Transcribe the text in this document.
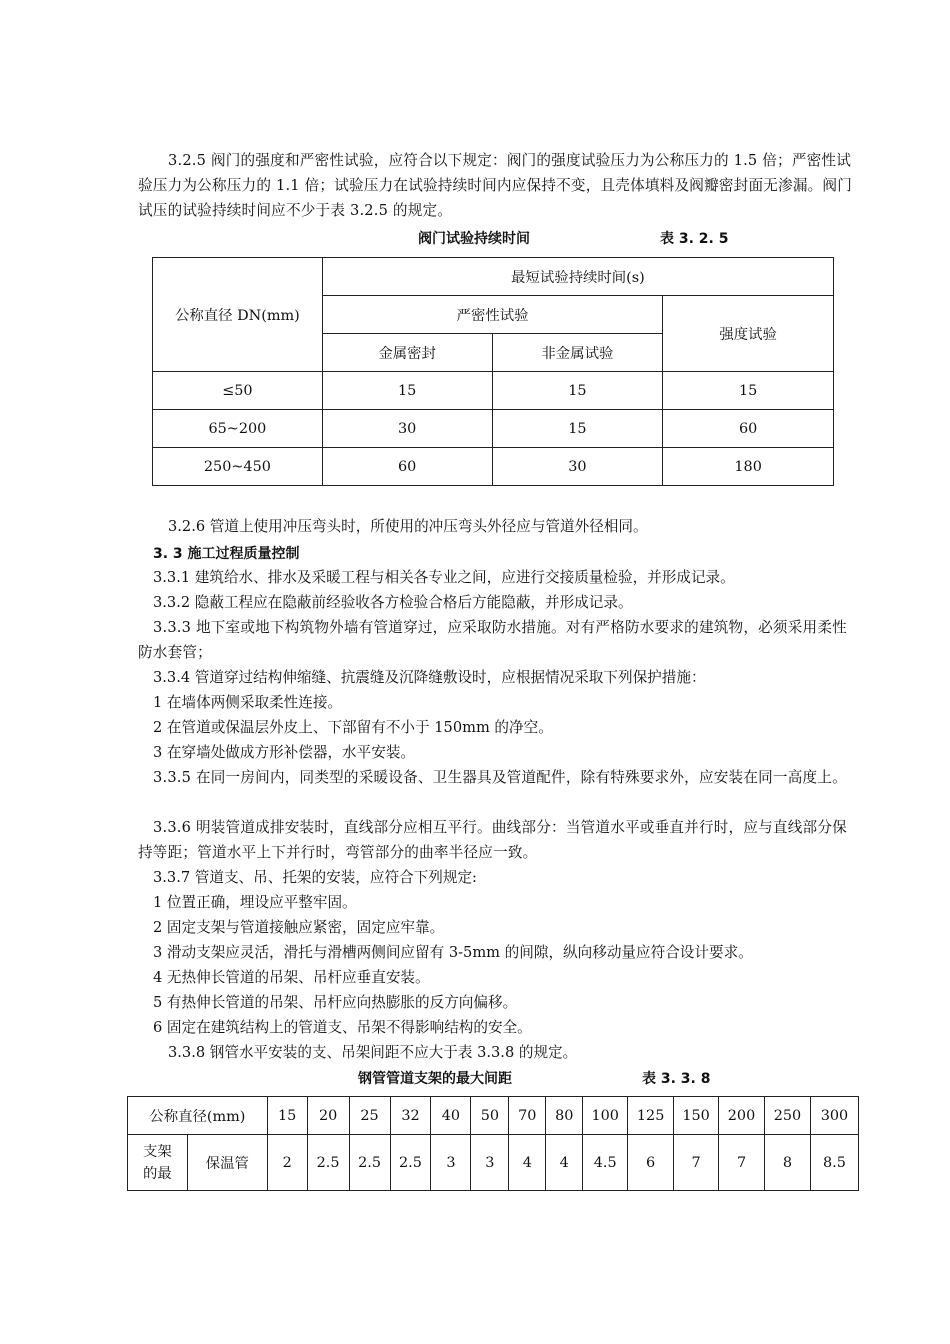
3.2.5 阀门的强度和严密性试验，应符合以下规定：阀门的强度试验压力为公称压力的 1.5 倍；严密性试验压力为公称压力的 1.1 倍；试验压力在试验持续时间内应保持不变，且壳体填料及阀瓣密封面无渗漏。阀门试压的试验持续时间应不少于表 3.2.5 的规定。

阀门试验持续时间	表 3. 2. 5
公称直径 DN(mm)	最短试验持续时间(s)		
	严密性试验		强度试验
	金属密封	非金属试验	
≤50	15	15	15
65~200	30	15	60
250~450	60	30	180

3.2.6 管道上使用冲压弯头时，所使用的冲压弯头外径应与管道外径相同。

3. 3 施工过程质量控制

3.3.1 建筑给水、排水及采暖工程与相关各专业之间，应进行交接质量检验，并形成记录。

3.3.2 隐蔽工程应在隐蔽前经验收各方检验合格后方能隐蔽，并形成记录。

3.3.3 地下室或地下构筑物外墙有管道穿过，应采取防水措施。对有严格防水要求的建筑物，必须采用柔性防水套管；

3.3.4 管道穿过结构伸缩缝、抗震缝及沉降缝敷设时，应根据情况采取下列保护措施：

1 在墙体两侧采取柔性连接。

2 在管道或保温层外皮上、下部留有不小于 150mm 的净空。

3 在穿墙处做成方形补偿器，水平安装。

3.3.5 在同一房间内，同类型的采暖设备、卫生器具及管道配件，除有特殊要求外，应安装在同一高度上。

3.3.6 明装管道成排安装时，直线部分应相互平行。曲线部分：当管道水平或垂直并行时，应与直线部分保持等距；管道水平上下并行时，弯管部分的曲率半径应一致。

3.3.7 管道支、吊、托架的安装，应符合下列规定:

1 位置正确，埋设应平整牢固。

2 固定支架与管道接触应紧密，固定应牢靠。

3 滑动支架应灵活，滑托与滑槽两侧间应留有 3-5mm 的间隙，纵向移动量应符合设计要求。

4 无热伸长管道的吊架、吊杆应垂直安装。

5 有热伸长管道的吊架、吊杆应向热膨胀的反方向偏移。

6 固定在建筑结构上的管道支、吊架不得影响结构的安全。

3.3.8 钢管水平安装的支、吊架间距不应大于表 3.3.8 的规定。

钢管管道支架的最大间距	表 3. 3. 8
公称直径(mm)		15	20	25	32	40	50	70	80	100	125	150	200	250	300
支架
的最	保温管	2	2.5	2.5	2.5	3	3	4	4	4.5	6	7	7	8	8.5
